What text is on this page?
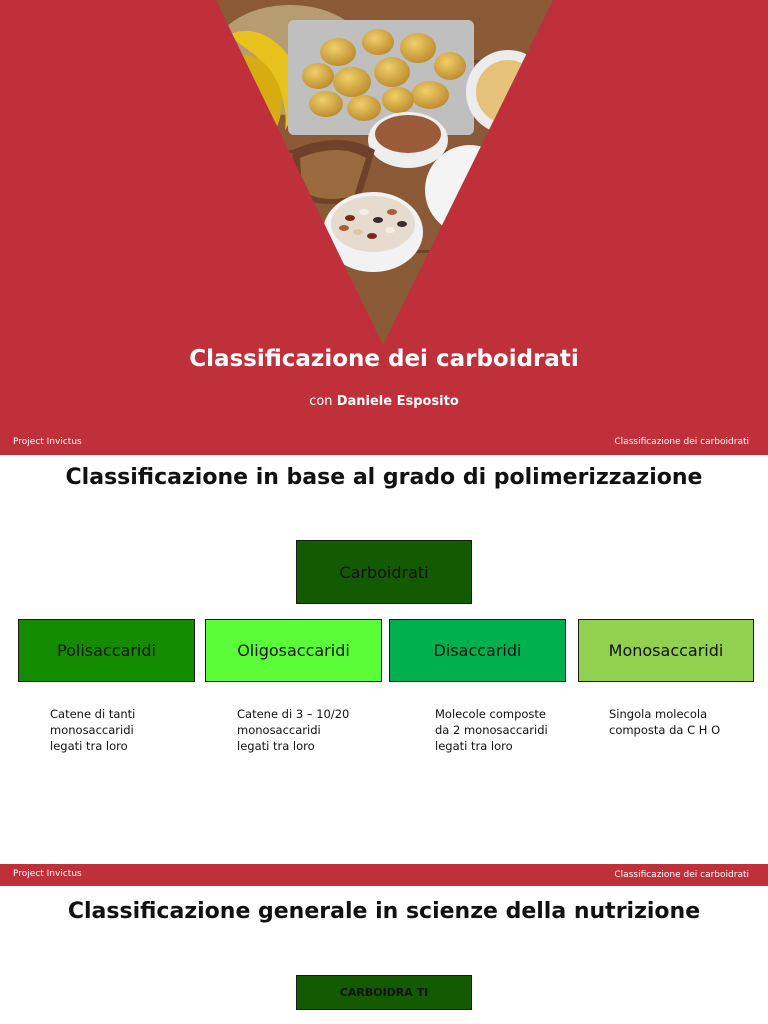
Classificazione dei carboidrati
con Daniele Esposito
Project Invictus	Classificazione dei carboidrati
Classificazione in base al grado di polimerizzazione
Carboidrati
Polisaccaridi	Oligosaccaridi	Disaccaridi	Monosaccaridi
Catene di tanti
monosaccaridi
legati tra loro
Catene di 3 – 10/20
monosaccaridi
legati tra loro
Molecole composte
da 2 monosaccaridi
legati tra loro
Singola molecola
composta da C H O
Project Invictus	Classificazione dei carboidrati
Classificazione generale in scienze della nutrizione
CARBOIDRA TI
